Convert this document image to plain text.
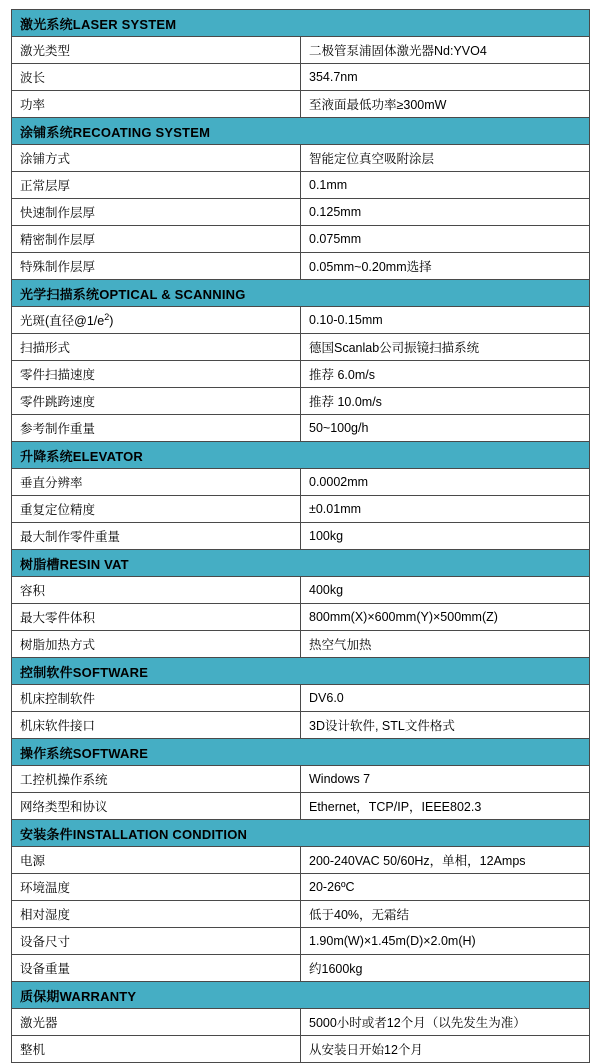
激光系统LASER SYSTEM	
激光类型	二极管泵浦固体激光器Nd:YVO4
波长	354.7nm
功率	至液面最低功率≥300mW
涂铺系统RECOATING SYSTEM	
涂铺方式	智能定位真空吸附涂层
正常层厚	0.1mm
快速制作层厚	0.125mm
精密制作层厚	0.075mm
特殊制作层厚	0.05mm~0.20mm选择
光学扫描系统OPTICAL & SCANNING	
光斑(直径$@1/e^2$)	0.10-0.15mm
扫描形式	德国Scanlab公司振镜扫描系统
零件扫描速度	推荐 6.0m/s
零件跳跨速度	推荐 10.0m/s
参考制作重量	50~100g/h
升降系统ELEVATOR	
垂直分辨率	0.0002mm
重复定位精度	±0.01mm
最大制作零件重量	100kg
树脂槽RESIN VAT	
容积	400kg
最大零件体积	800mm(X)×600mm(Y)×500mm(Z)
树脂加热方式	热空气加热
控制软件SOFTWARE	
机床控制软件	DV6.0
机床软件接口	3D设计软件, STL文件格式
操作系统SOFTWARE	
工控机操作系统	Windows 7
网络类型和协议	Ethernet，TCP/IP，IEEE802.3
安装条件INSTALLATION CONDITION	
电源	200-240VAC 50/60Hz，单相，12Amps
环境温度	20-26ºC
相对湿度	低于40%，无霜结
设备尺寸	1.90m(W)×1.45m(D)×2.0m(H)
设备重量	约1600kg
质保期WARRANTY	
激光器	5000小时或者12个月（以先发生为准）
整机	从安装日开始12个月
